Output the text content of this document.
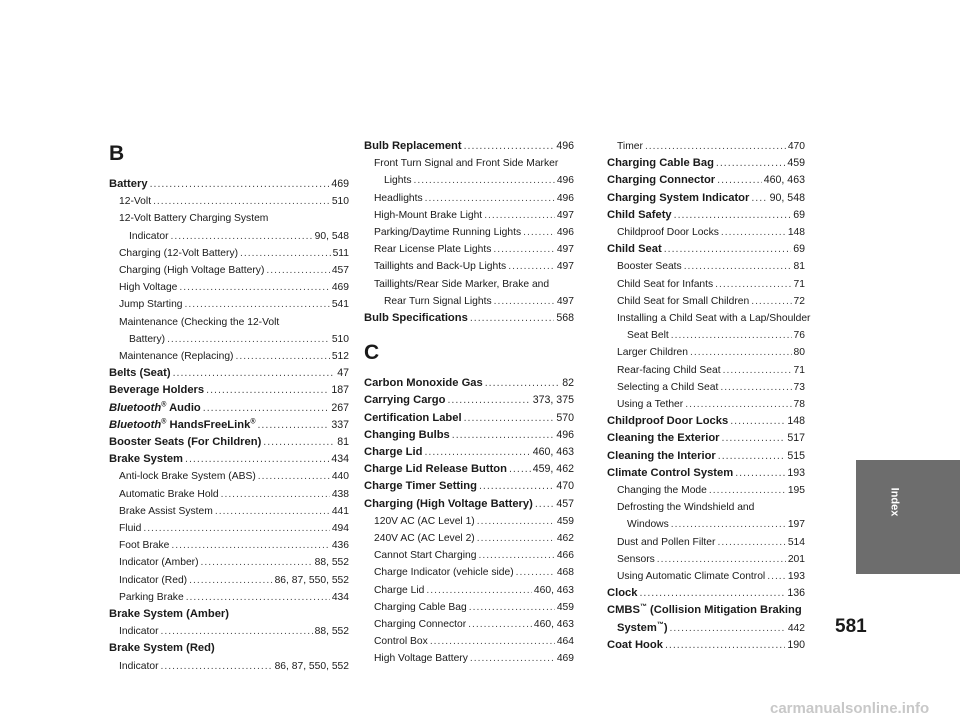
B
Battery .....	469
12-Volt .....	510
12-Volt Battery Charging System
Indicator .....	90, 548
Charging (12-Volt Battery) .....	511
Charging (High Voltage Battery) .....	457
High Voltage .....	469
Jump Starting .....	541
Maintenance (Checking the 12-Volt
Battery) .....	510
Maintenance (Replacing) .....	512
Belts (Seat) .....	47
Beverage Holders .....	187
Bluetooth® Audio .....	267
Bluetooth® HandsFreeLink® .....	337
Booster Seats (For Children) .....	81
Brake System .....	434
Anti-lock Brake System (ABS) .....	440
Automatic Brake Hold .....	438
Brake Assist System .....	441
Fluid .....	494
Foot Brake .....	436
Indicator (Amber) .....	88, 552
Indicator (Red) .....	86, 87, 550, 552
Parking Brake .....	434
Brake System (Amber)
Indicator .....	88, 552
Brake System (Red)
Indicator .....	86, 87, 550, 552
Bulb Replacement .....	496
Front Turn Signal and Front Side Marker
Lights .....	496
Headlights .....	496
High-Mount Brake Light .....	497
Parking/Daytime Running Lights .....	496
Rear License Plate Lights .....	497
Taillights and Back-Up Lights .....	497
Taillights/Rear Side Marker, Brake and
Rear Turn Signal Lights .....	497
Bulb Specifications .....	568
C
Carbon Monoxide Gas .....	82
Carrying Cargo .....	373, 375
Certification Label .....	570
Changing Bulbs .....	496
Charge Lid .....	460, 463
Charge Lid Release Button ..... 459, 462
Charge Timer Setting .....	470
Charging (High Voltage Battery) ..... 457
120V AC (AC Level 1) .....	459
240V AC (AC Level 2) .....	462
Cannot Start Charging .....	466
Charge Indicator (vehicle side) .....	468
Charge Lid .....	460, 463
Charging Cable Bag .....	459
Charging Connector .....	460, 463
Control Box .....	464
High Voltage Battery .....	469
Timer .....	470
Charging Cable Bag .....	459
Charging Connector .....	460, 463
Charging System Indicator ..... 90, 548
Child Safety .....	69
Childproof Door Locks .....	148
Child Seat .....	69
Booster Seats .....	81
Child Seat for Infants .....	71
Child Seat for Small Children .....	72
Installing a Child Seat with a Lap/Shoulder
Seat Belt .....	76
Larger Children .....	80
Rear-facing Child Seat .....	71
Selecting a Child Seat .....	73
Using a Tether .....	78
Childproof Door Locks .....	148
Cleaning the Exterior .....	517
Cleaning the Interior .....	515
Climate Control System .....	193
Changing the Mode .....	195
Defrosting the Windshield and
Windows .....	197
Dust and Pollen Filter .....	514
Sensors .....	201
Using Automatic Climate Control ..... 193
Clock .....	136
CMBS™ (Collision Mitigation Braking
System™) .....	442
Coat Hook .....	190
Index
581
carmanualsonline.info
